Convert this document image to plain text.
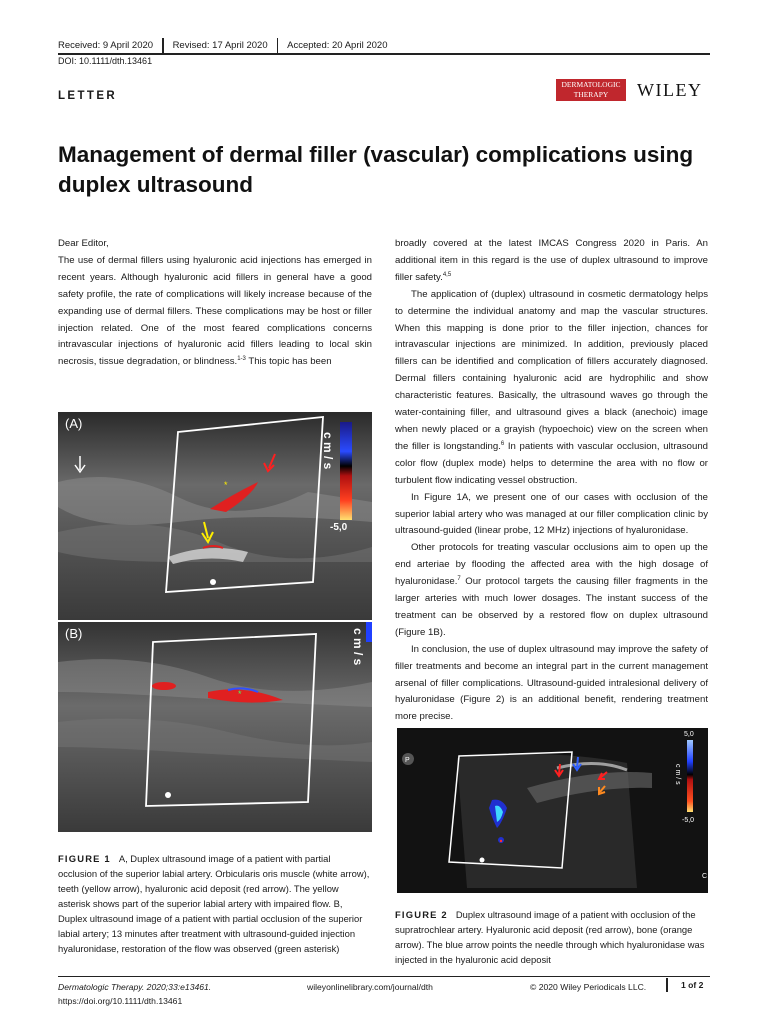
Received: 9 April 2020	Revised: 17 April 2020	Accepted: 20 April 2020
DOI: 10.1111/dth.13461
LETTER
DERMATOLOGIC
THERAPY	WILEY
Management of dermal filler (vascular) complications using
duplex ultrasound

Dear Editor,

The use of dermal fillers using hyaluronic acid injections has emerged in recent years. Although hyaluronic acid fillers in general have a good safety profile, the rate of complications will likely increase because of the expanding use of dermal fillers. These complications may be host or filler injection related. One of the most feared complications concerns intravascular injections of hyaluronic acid fillers leading to local skin necrosis, tissue degradation, or blindness.$^{1-3}$ This topic has been

broadly covered at the latest IMCAS Congress 2020 in Paris. An additional item in this regard is the use of duplex ultrasound to improve filler safety.$^{4,5}$

The application of (duplex) ultrasound in cosmetic dermatology helps to determine the individual anatomy and map the vascular structures. When this mapping is done prior to the filler injection, chances for intravascular injections are minimized. In addition, previously placed fillers can be identified and complication of fillers accurately diagnosed. Dermal fillers containing hyaluronic acid are hydrophilic and show characteristic features. Basically, the ultrasound waves go through the water-containing filler, and ultrasound gives a black (anechoic) image when newly placed or a grayish (hypoechoic) view on the screen when the filler is longstanding.$^6$ In patients with vascular occlusion, ultrasound color flow (duplex mode) helps to determine the area with no flow or turbulent flow indicating vessel obstruction.

In Figure 1A, we present one of our cases with occlusion of the superior labial artery who was managed at our filler complication clinic by ultrasound-guided (linear probe, 12 MHz) injections of hyaluronidase.

Other protocols for treating vascular occlusions aim to open up the end arteriae by flooding the affected area with the high dosage of hyaluronidase.$^7$ Our protocol targets the causing filler fragments in the larger arteries with much lower dosages. The instant success of the treatment can be observed by a restored flow on duplex ultrasound (Figure 1B).

In conclusion, the use of duplex ultrasound may improve the safety of filler treatments and become an integral part in the current management arsenal of filler complications. Ultrasound-guided intralesional delivery of hyaluronidase (Figure 2) is an additional benefit, rendering treatment more precise.

(A)
*
c m / s
-5,0
(B)
*
c m / s
FIGURE 1 A, Duplex ultrasound image of a patient with partial occlusion of the superior labial artery. Orbicularis oris muscle (white arrow), teeth (yellow arrow), hyaluronic acid deposit (red arrow). The yellow asterisk shows part of the superior labial artery with impaired flow. B, Duplex ultrasound image of a patient with partial occlusion of the superior labial artery; 13 minutes after treatment with ultrasound-guided injection hyaluronidase, restoration of the flow was observed (green asterisk)
P
5,0
c m / s
-5,0
C
FIGURE 2 Duplex ultrasound image of a patient with occlusion of the supratrochlear artery. Hyaluronic acid deposit (red arrow), bone (orange arrow). The blue arrow points the needle through which hyaluronidase was injected in the hyaluronic acid deposit
Dermatologic Therapy. 2020;33:e13461.
https://doi.org/10.1111/dth.13461
wileyonlinelibrary.com/journal/dth	© 2020 Wiley Periodicals LLC.	1 of 2
